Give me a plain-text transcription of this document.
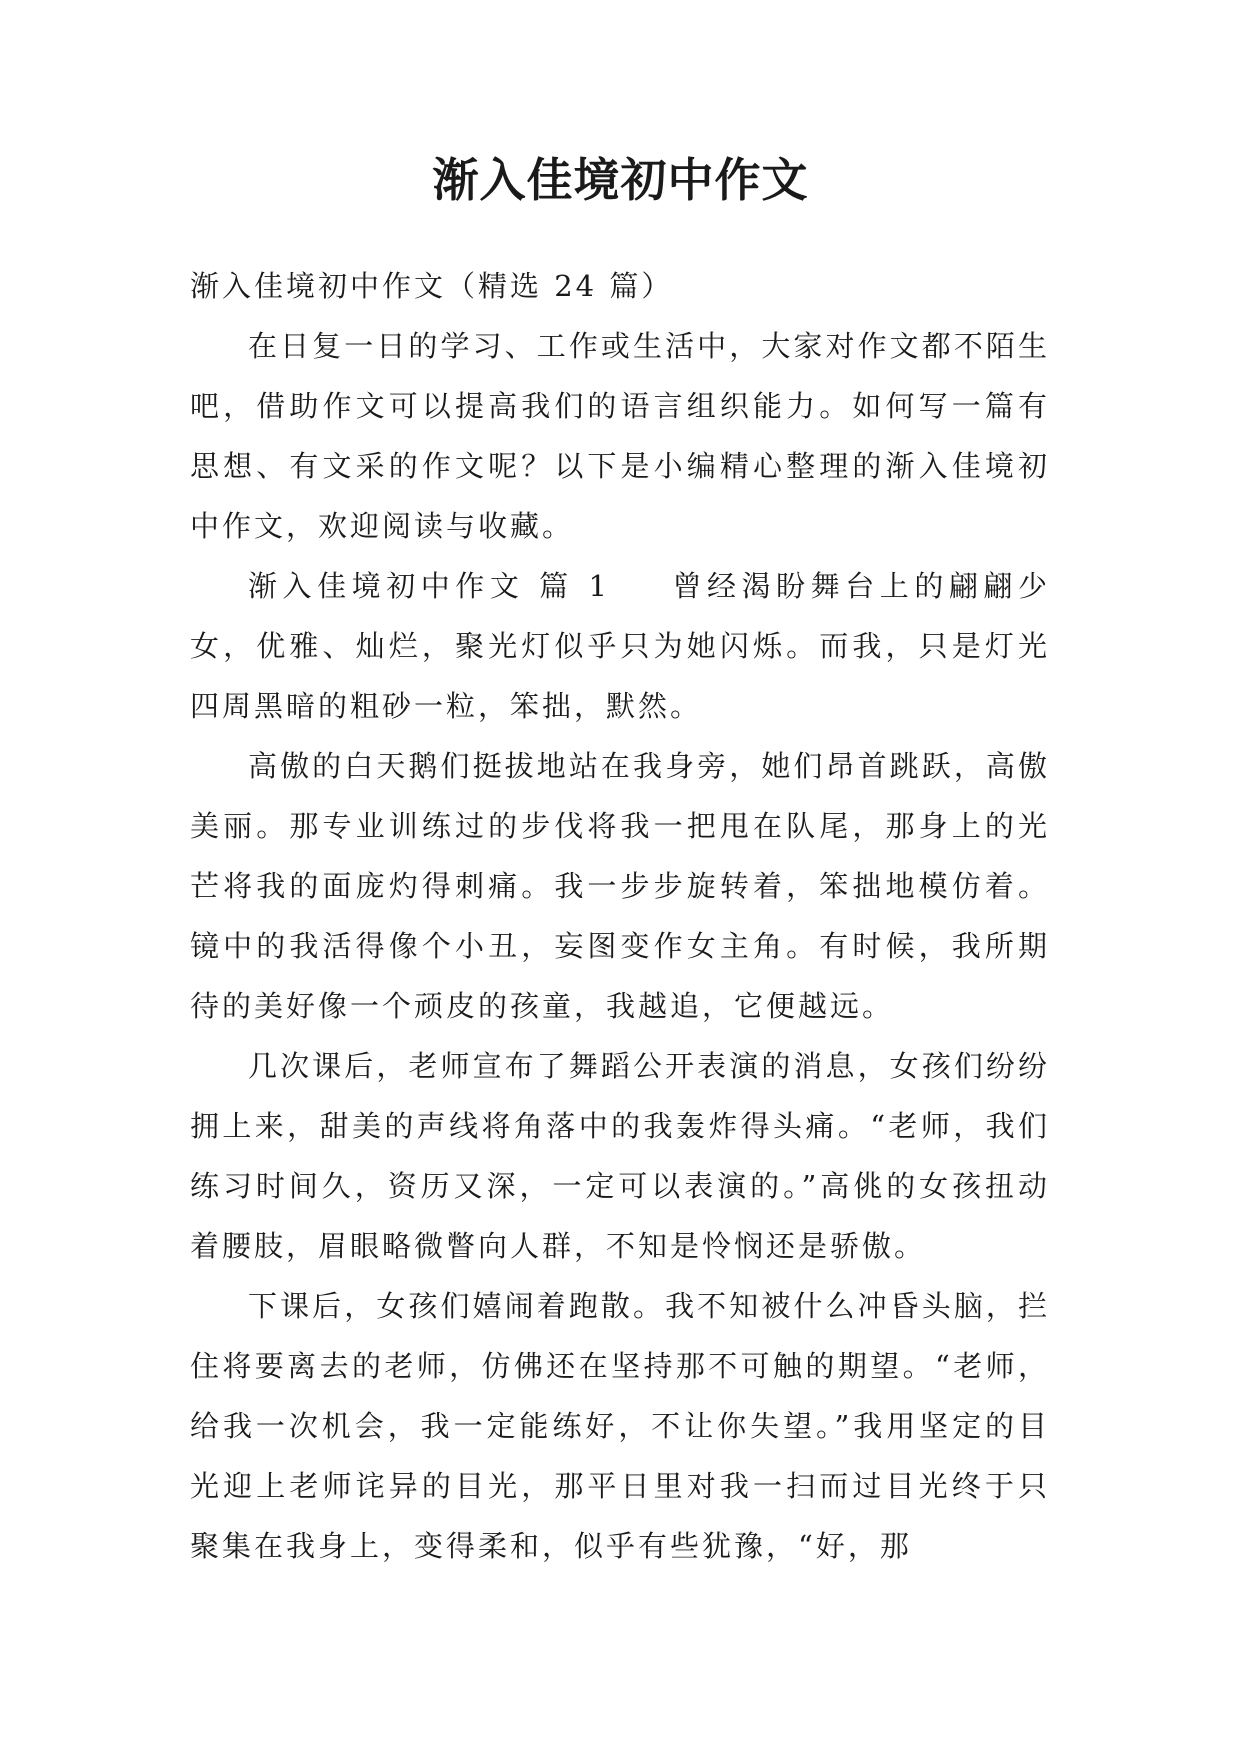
渐入佳境初中作文

渐入佳境初中作文（精选 24 篇）

在日复一日的学习、工作或生活中，大家对作文都不陌生吧，借助作文可以提高我们的语言组织能力。如何写一篇有思想、有文采的作文呢？以下是小编精心整理的渐入佳境初中作文，欢迎阅读与收藏。

渐入佳境初中作文 篇 1 曾经渴盼舞台上的翩翩少女，优雅、灿烂，聚光灯似乎只为她闪烁。而我，只是灯光四周黑暗的粗砂一粒，笨拙，默然。

高傲的白天鹅们挺拔地站在我身旁，她们昂首跳跃，高傲美丽。那专业训练过的步伐将我一把甩在队尾，那身上的光芒将我的面庞灼得刺痛。我一步步旋转着，笨拙地模仿着。镜中的我活得像个小丑，妄图变作女主角。有时候，我所期待的美好像一个顽皮的孩童，我越追，它便越远。

几次课后，老师宣布了舞蹈公开表演的消息，女孩们纷纷拥上来，甜美的声线将角落中的我轰炸得头痛。“老师，我们练习时间久，资历又深，一定可以表演的。”高佻的女孩扭动着腰肢，眉眼略微瞥向人群，不知是怜悯还是骄傲。

下课后，女孩们嬉闹着跑散。我不知被什么冲昏头脑，拦住将要离去的老师，仿佛还在坚持那不可触的期望。“老师，给我一次机会，我一定能练好，不让你失望。”我用坚定的目光迎上老师诧异的目光，那平日里对我一扫而过目光终于只聚集在我身上，变得柔和，似乎有些犹豫，“好，那
